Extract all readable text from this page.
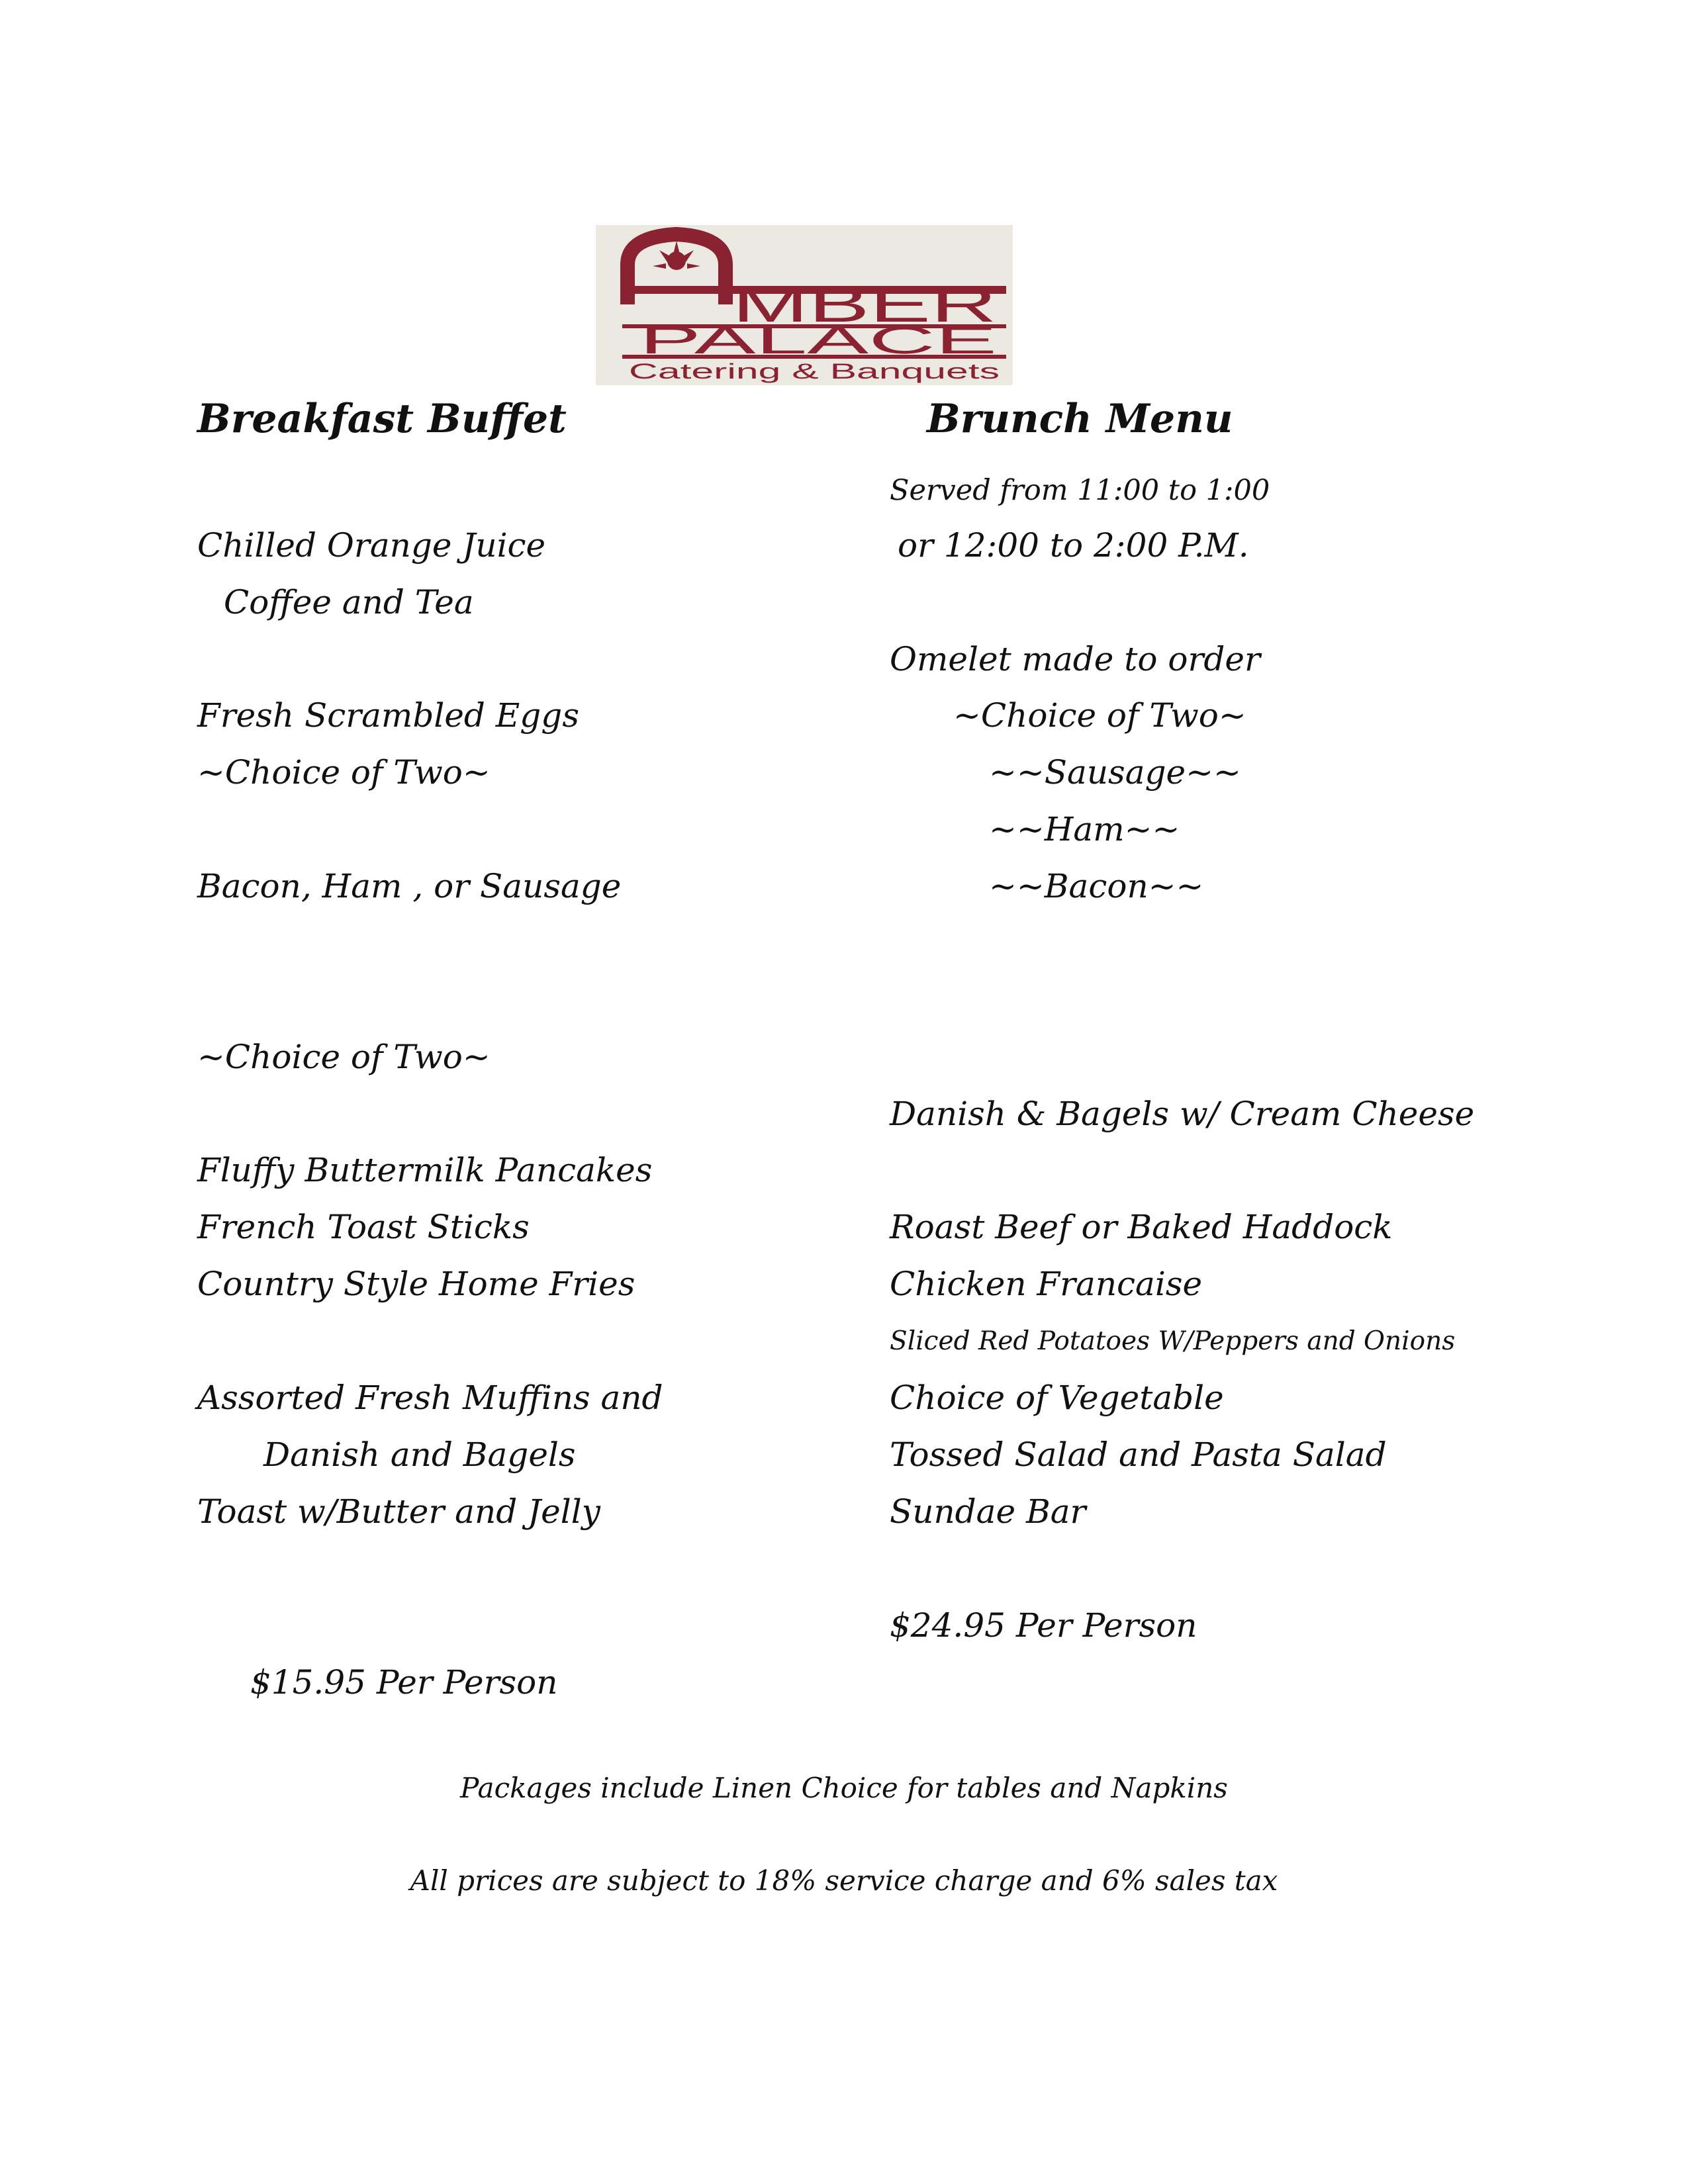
MBER
PALACE
Catering & Banquets
Breakfast Buffet
Chilled Orange Juice
Coffee and Tea
Fresh Scrambled Eggs
~Choice of Two~
Bacon, Ham , or Sausage
~Choice of Two~
Fluffy Buttermilk Pancakes
French Toast Sticks
Country Style Home Fries
Assorted Fresh Muffins and
Danish and Bagels
Toast w/Butter and Jelly
$15.95 Per Person
Brunch Menu
Served from 11:00 to 1:00
or 12:00 to 2:00 P.M.
Omelet made to order
~Choice of Two~
~~Sausage~~
~~Ham~~
~~Bacon~~
Danish & Bagels w/ Cream Cheese
Roast Beef or Baked Haddock
Chicken Francaise
Sliced Red Potatoes W/Peppers and Onions
Choice of Vegetable
Tossed Salad and Pasta Salad
Sundae Bar
$24.95 Per Person
Packages include Linen Choice for tables and Napkins
All prices are subject to 18% service charge and 6% sales tax
